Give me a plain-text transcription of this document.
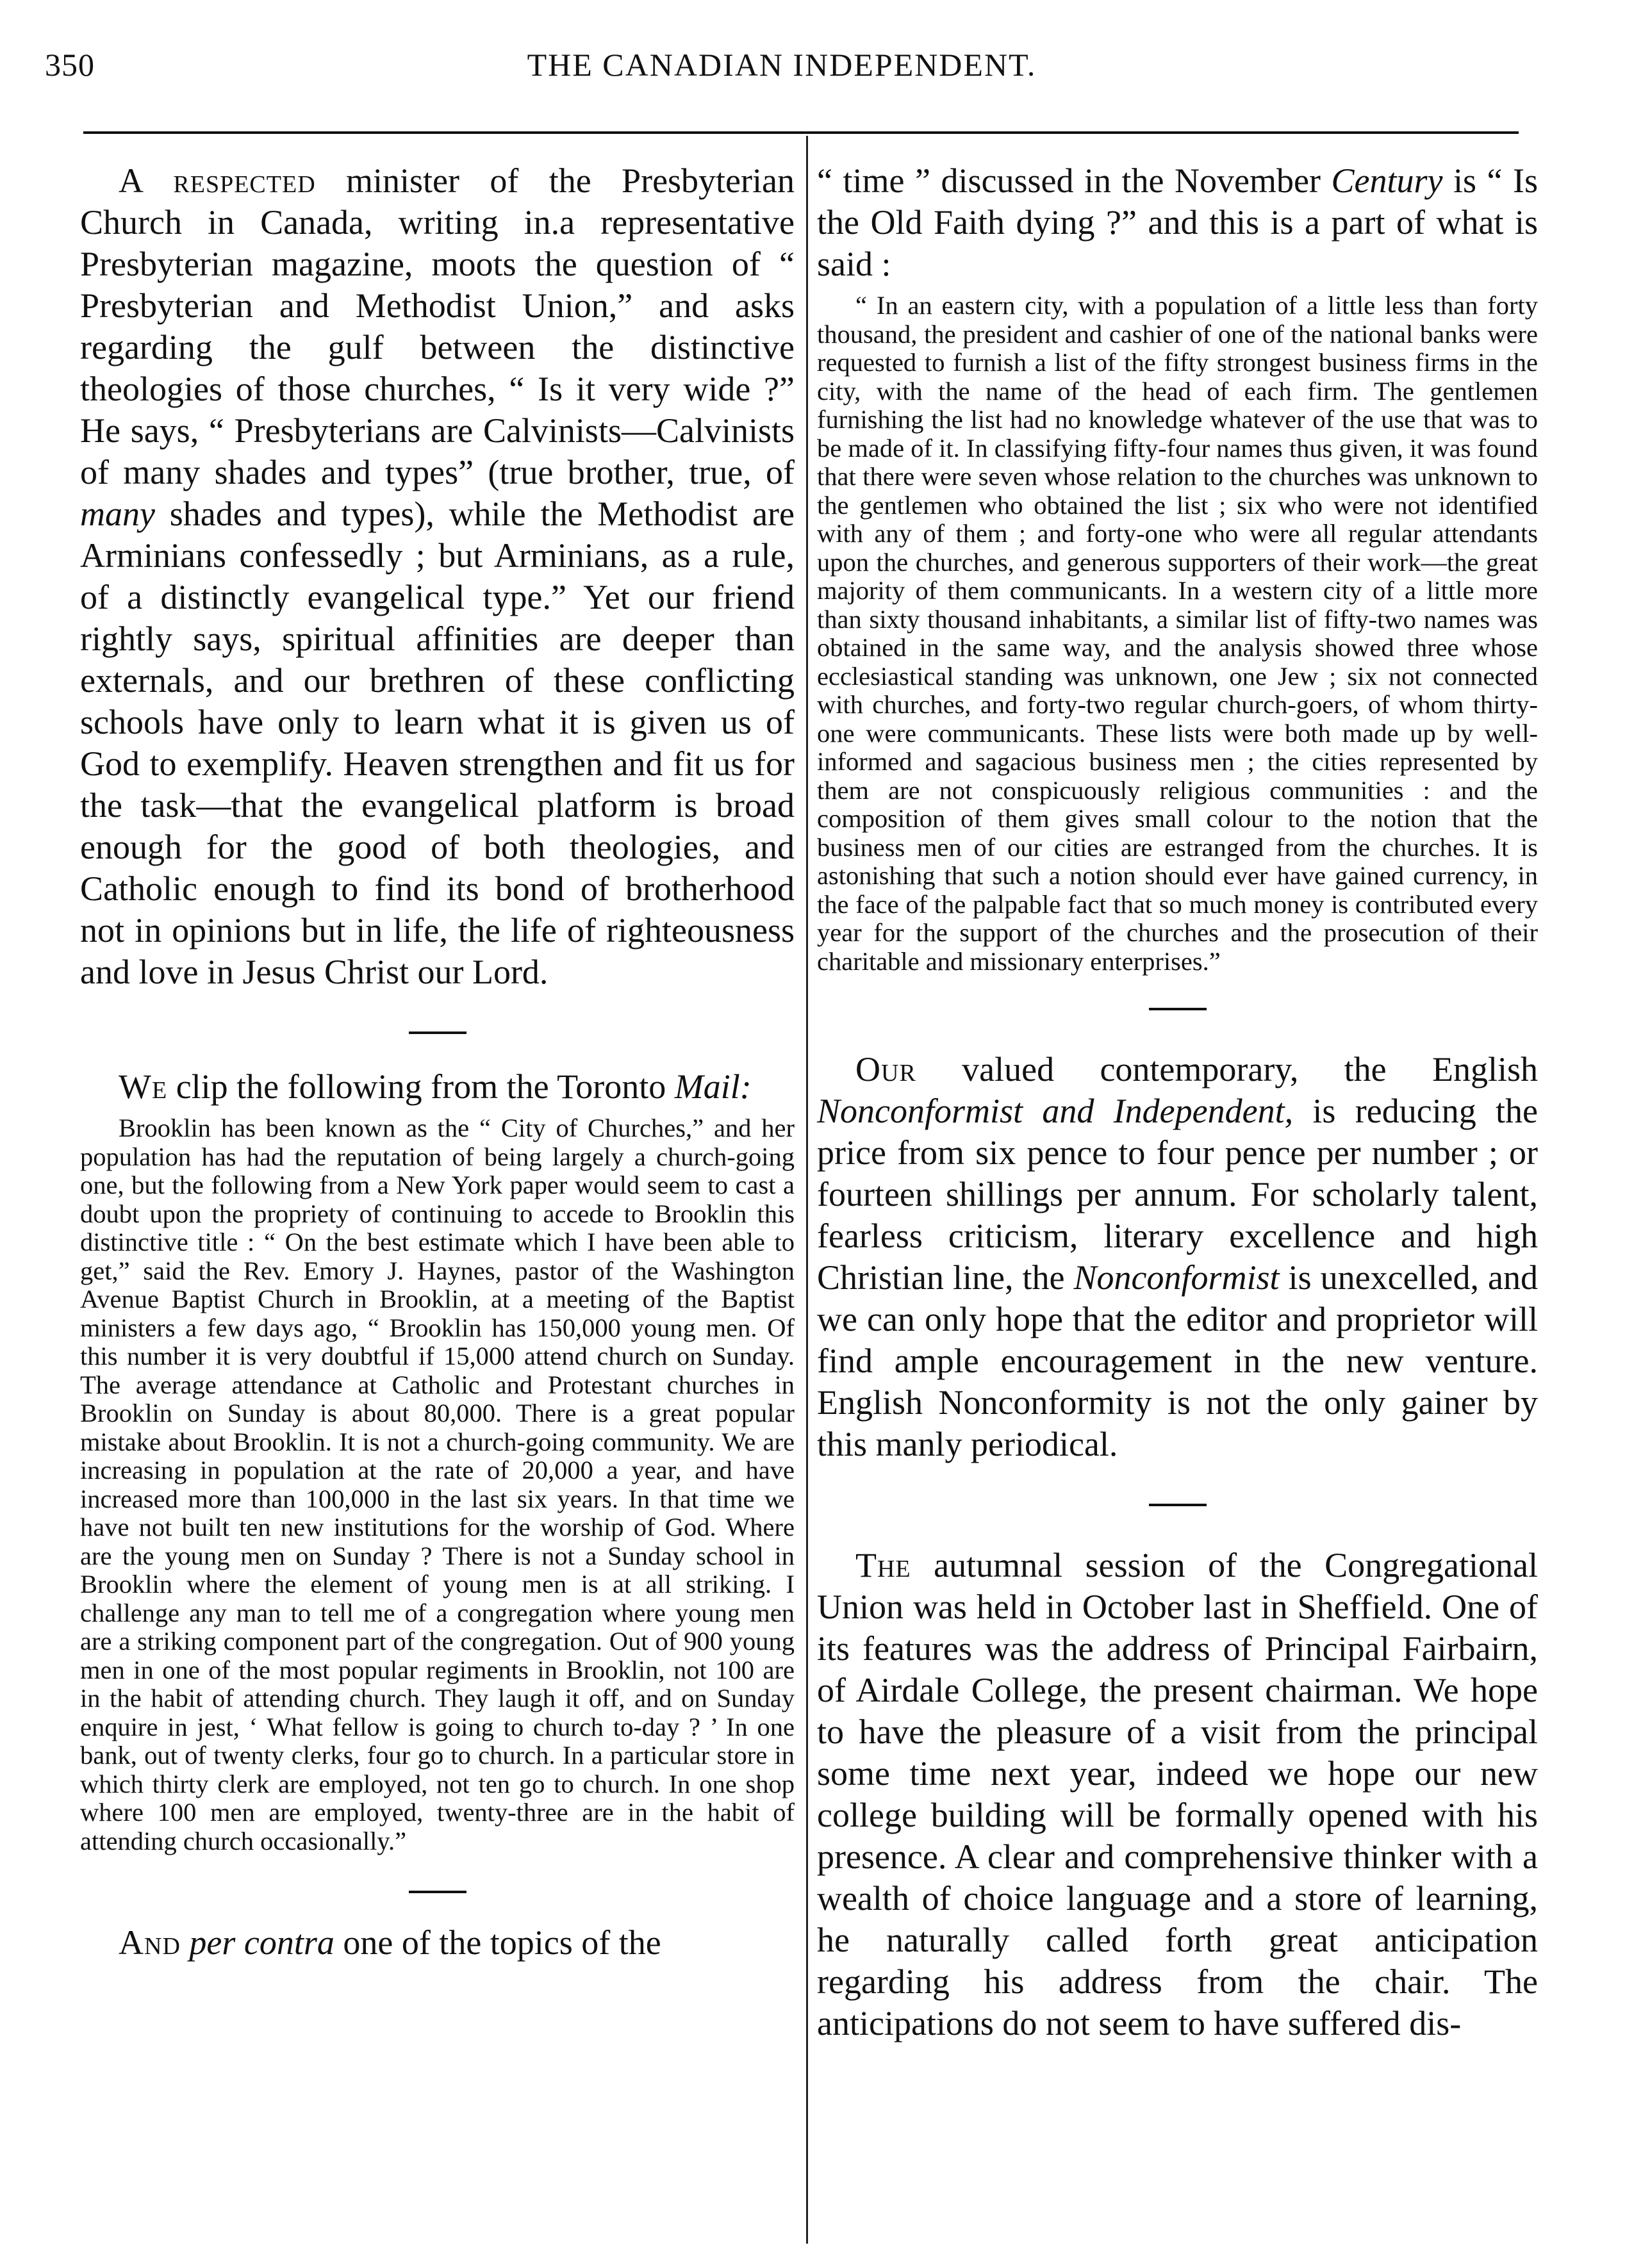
350	THE CANADIAN INDEPENDENT.

A respected minister of the Presbyterian Church in Canada, writing in.a representative Presbyterian magazine, moots the question of “ Presbyterian and Methodist Union,” and asks regarding the gulf between the distinctive theologies of those churches, “ Is it very wide ?” He says, “ Presbyterians are Calvinists—Calvinists of many shades and types” (true brother, true, of many shades and types), while the Methodist are Arminians confessedly ; but Arminians, as a rule, of a distinctly evangelical type.” Yet our friend rightly says, spiritual affinities are deeper than externals, and our brethren of these conflicting schools have only to learn what it is given us of God to exemplify. Heaven strengthen and fit us for the task—that the evangelical platform is broad enough for the good of both theologies, and Catholic enough to find its bond of brotherhood not in opinions but in life, the life of righteousness and love in Jesus Christ our Lord.

We clip the following from the Toronto Mail:

Brooklin has been known as the “ City of Churches,” and her population has had the reputation of being largely a church-going one, but the following from a New York paper would seem to cast a doubt upon the propriety of continuing to accede to Brooklin this distinctive title : “ On the best estimate which I have been able to get,” said the Rev. Emory J. Haynes, pastor of the Washington Avenue Baptist Church in Brooklin, at a meeting of the Baptist ministers a few days ago, “ Brooklin has 150,000 young men. Of this number it is very doubtful if 15,000 attend church on Sunday. The average attendance at Catholic and Protestant churches in Brooklin on Sunday is about 80,000. There is a great popular mistake about Brooklin. It is not a church-going community. We are increasing in population at the rate of 20,000 a year, and have increased more than 100,000 in the last six years. In that time we have not built ten new institutions for the worship of God. Where are the young men on Sunday ? There is not a Sunday school in Brooklin where the element of young men is at all striking. I challenge any man to tell me of a congregation where young men are a striking component part of the congregation. Out of 900 young men in one of the most popular regiments in Brooklin, not 100 are in the habit of attending church. They laugh it off, and on Sunday enquire in jest, ‘ What fellow is going to church to-day ? ’ In one bank, out of twenty clerks, four go to church. In a particular store in which thirty clerk are employed, not ten go to church. In one shop where 100 men are employed, twenty-three are in the habit of attending church occasionally.”

And per contra one of the topics of the

“ time ” discussed in the November Century is “ Is the Old Faith dying ?” and this is a part of what is said :

“ In an eastern city, with a population of a little less than forty thousand, the president and cashier of one of the national banks were requested to furnish a list of the fifty strongest business firms in the city, with the name of the head of each firm. The gentlemen furnishing the list had no knowledge whatever of the use that was to be made of it. In classifying fifty-four names thus given, it was found that there were seven whose relation to the churches was unknown to the gentlemen who obtained the list ; six who were not identified with any of them ; and forty-one who were all regular attendants upon the churches, and generous supporters of their work—the great majority of them communicants. In a western city of a little more than sixty thousand inhabitants, a similar list of fifty-two names was obtained in the same way, and the analysis showed three whose ecclesiastical standing was unknown, one Jew ; six not connected with churches, and forty-two regular church-goers, of whom thirty-one were communicants. These lists were both made up by well-informed and sagacious business men ; the cities represented by them are not conspicuously religious communities : and the composition of them gives small colour to the notion that the business men of our cities are estranged from the churches. It is astonishing that such a notion should ever have gained currency, in the face of the palpable fact that so much money is contributed every year for the support of the churches and the prosecution of their charitable and missionary enterprises.”

Our valued contemporary, the English Nonconformist and Independent, is reducing the price from six pence to four pence per number ; or fourteen shillings per annum. For scholarly talent, fearless criticism, literary excellence and high Christian line, the Nonconformist is unexcelled, and we can only hope that the editor and proprietor will find ample encouragement in the new venture. English Nonconformity is not the only gainer by this manly periodical.

The autumnal session of the Congregational Union was held in October last in Sheffield. One of its features was the address of Principal Fairbairn, of Airdale College, the present chairman. We hope to have the pleasure of a visit from the principal some time next year, indeed we hope our new college building will be formally opened with his presence. A clear and comprehensive thinker with a wealth of choice language and a store of learning, he naturally called forth great anticipation regarding his address from the chair. The anticipations do not seem to have suffered dis-
